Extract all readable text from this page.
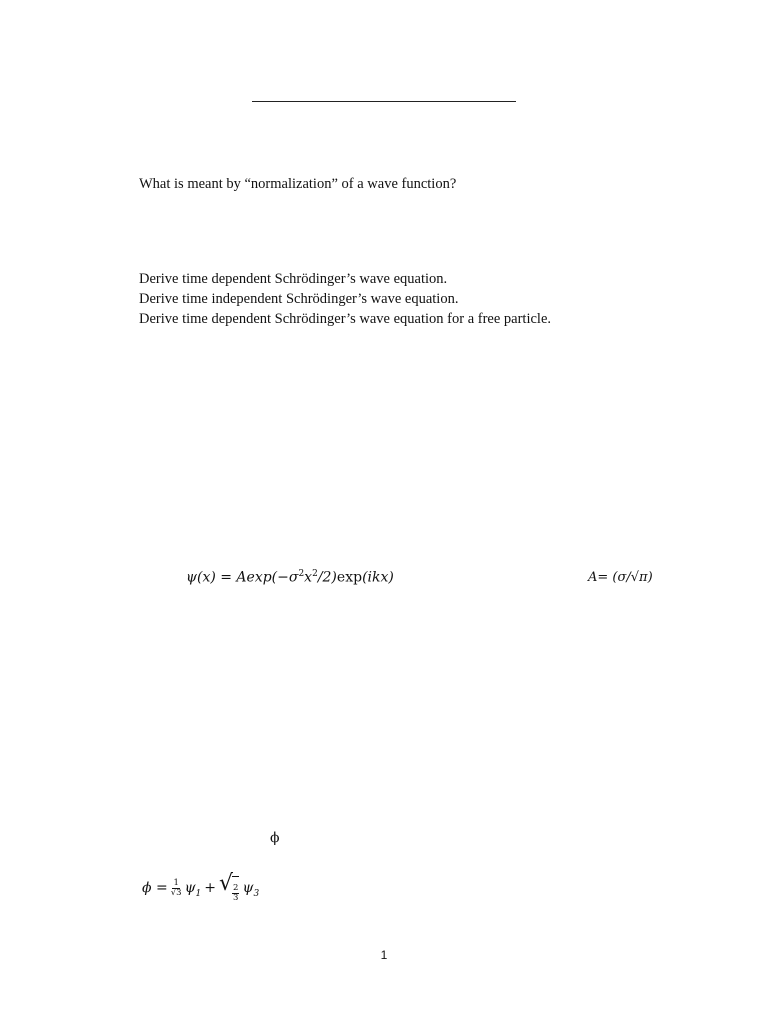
What is meant by “normalization” of a wave function?
Derive time dependent Schrödinger’s wave equation.
Derive time independent Schrödinger’s wave equation.
Derive time dependent Schrödinger’s wave equation for a free particle.
$\psi(x) = Aexp(-\sigma^2x^2/2)\exp(ikx)$	A= (σ/√π)
ϕ
$\phi = \frac{1}{√3} \psi_1$ + √ $\frac{2}{3} \psi_3$
1
